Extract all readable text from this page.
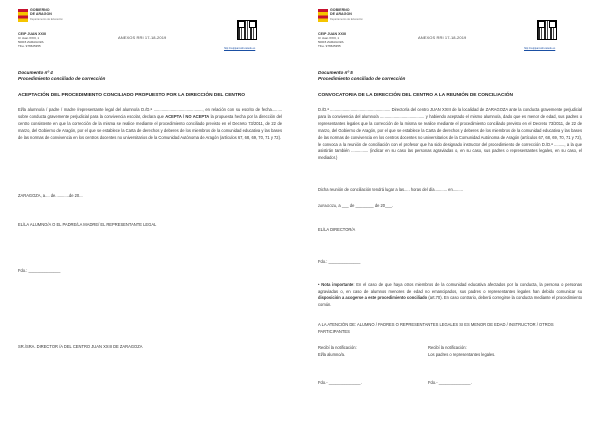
GOBIERNO
DE ARAGON
Departamento de Educación
CEIP JUAN XXIII
C/ Juan XXIII, 1
50015 ZARAGOZA
Tfno. 976525355
ANEXOS RRI 17-18-2019
http://ceipjuanxxiii.catedu.es
Documento nº 4
Procedimiento conciliado de corrección
ACEPTACIÓN DEL PROCEDIMIENTO CONCILIADO PROPUESTO POR LA DIRECCIÓN DEL CENTRO
El/la alumno/a / padre / madre /representante legal del alumno/a D./D.ª ..........................................., en relación con su escrito de fecha......... sobre conducta gravemente perjudicial para la convivencia escolar, declara que ACEPTA / NO ACEPTA la propuesta hecha por la dirección del centro consistente en que la corrección de la misma se realice mediante el procedimiento conciliado previsto en el Decreto 73/2011, de 22 de marzo, del Gobierno de Aragón, por el que se establece la Carta de derechos y deberes de los miembros de la comunidad educativa y las bases de las normas de convivencia en los centros docentes no universitarios de la Comunidad Autónoma de Aragón (artículos 67, 68, 69, 70, 71 y 72).
ZARAGOZA, a.... de............de 20...
EL/LA ALUMNO/A O EL PADRE/LA MADRE/ EL REPRESENTANTE LEGAL
Fdo.: ______________
SR./SRA. DIRECTOR /A DEL CENTRO JUAN XXIII DE ZARAGOZA
GOBIERNO
DE ARAGON
Departamento de Educación
CEIP JUAN XXIII
C/ Juan XXIII, 1
50015 ZARAGOZA
Tfno. 976525355
ANEXOS RRI 17-18-2019
http://ceipjuanxxiii.catedu.es
Documento nº 5
Procedimiento conciliado de corrección
CONVOCATORIA DE LA DIRECCIÓN DEL CENTRO A LA REUNIÓN DE CONCILIACIÓN
D./D.ª ..................................................... Director/a del centro JUAN XXIII de la localidad de ZARAGOZA ante la conducta gravemente perjudicial para la convivencia del alumno/a ....................................... y habiendo aceptado el mismo alumno/a, dado que es menor de edad, sus padres o representantes legales que la corrección de la misma se realice mediante el procedimiento conciliado previsto en el Decreto 73/2011, de 22 de marzo, del Gobierno de Aragón, por el que se establece la Carta de derechos y deberes de los miembros de la comunidad educativa y las bases de las normas de convivencia en los centros docentes no universitarios de la Comunidad Autónoma de Aragón (artículos 67, 68, 69, 70, 71 y 72), le convoca a la reunión de conciliación con el profesor que ha sido designado instructor del procedimiento de corrección D./D.ª ........., a la que asistirán también ............... (indicar en su caso las personas agraviadas o, en su caso, sus padres o representantes legales, en su caso, el mediador.)
Dicha reunión de conciliación tendrá lugar a las..... horas del día........... en.........
ZARAGOZA, a ___ de ________ de 20___.
EL/LA DIRECTOR/A
Fdo.: ______________
• Nota importante: En el caso de que haya otros miembros de la comunidad educativa afectados por la conducta, la persona o personas agraviadas o, en caso de alumnos menores de edad no emancipados, sus padres o representantes legales han debido comunicar su disposición a acogerse a este procedimiento conciliado (art.70). En caso contrario, deberá corregirse la conducta mediante el procedimiento común.
A LA ATENCIÓN DE: ALUMNO / PADRES O REPRESENTANTES LEGALES SI ES MENOR DE EDAD / INSTRUCTOR / OTROS PARTICIPANTES
Recibí la notificación:
El/la alumno/a.
Recibí la notificación:
Los padres o representantes legales.
Fdo.- ______________.	Fdo.- ______________.
